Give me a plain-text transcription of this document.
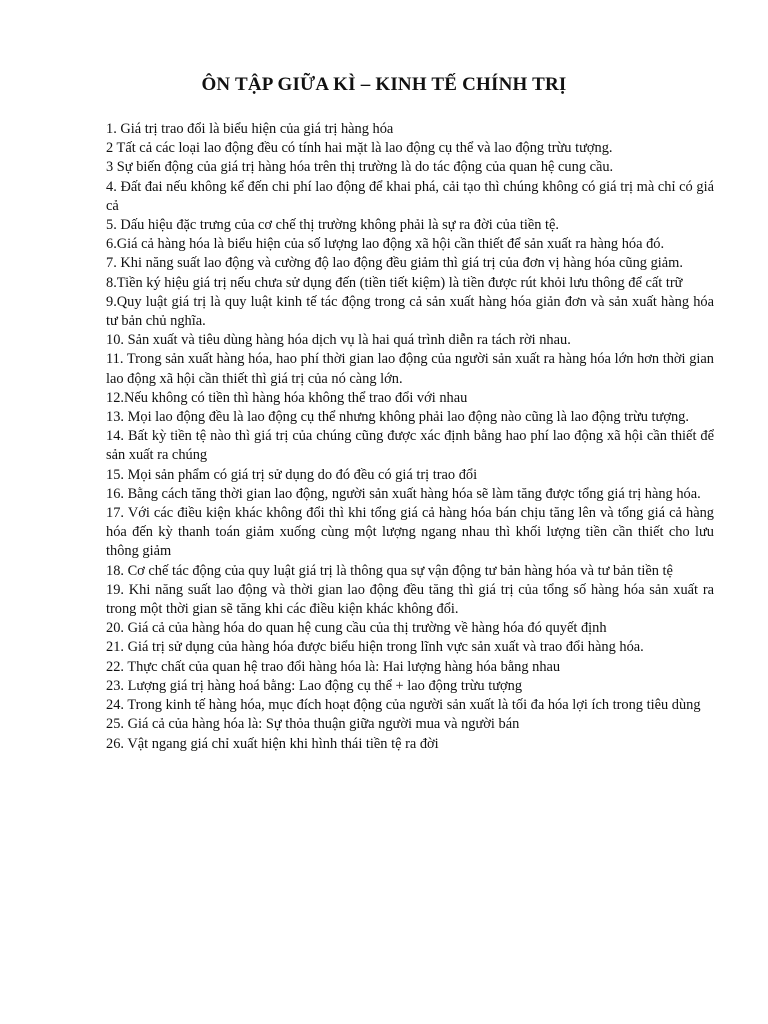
ÔN TẬP GIỮA KÌ – KINH TẾ CHÍNH TRỊ
1. Giá trị trao đổi là biểu hiện của giá trị hàng hóa
2 Tất cả các loại lao động đều có tính hai mặt là lao động cụ thể và lao động trừu tượng.
3 Sự biến động của giá trị hàng hóa trên thị trường là do tác động của quan hệ cung cầu.
4. Đất đai nếu không kể đến chi phí lao động để khai phá, cải tạo thì chúng không có giá trị mà chỉ có giá cả
5. Dấu hiệu đặc trưng của cơ chế thị trường không phải là sự ra đời của tiền tệ.
6.Giá cả hàng hóa là biểu hiện của số lượng lao động xã hội cần thiết để sản xuất ra hàng hóa đó.
7. Khi năng suất lao động và cường độ lao động đều giảm thì giá trị của đơn vị hàng hóa cũng giảm.
8.Tiền ký hiệu giá trị nếu chưa sử dụng đến (tiền tiết kiệm) là tiền được rút khỏi lưu thông để cất trữ
9.Quy luật giá trị là quy luật kinh tế tác động trong cả sản xuất hàng hóa giản đơn và sản xuất hàng hóa tư bản chủ nghĩa.
10. Sản xuất và tiêu dùng hàng hóa dịch vụ là hai quá trình diễn ra tách rời nhau.
11. Trong sản xuất hàng hóa, hao phí thời gian lao động của người sản xuất ra hàng hóa lớn hơn thời gian lao động xã hội cần thiết thì giá trị của nó càng lớn.
12.Nếu không có tiền thì hàng hóa không thể trao đổi với nhau
13. Mọi lao động đều là lao động cụ thể nhưng không phải lao động nào cũng là lao động trừu tượng.
14. Bất kỳ tiền tệ nào thì giá trị của chúng cũng được xác định bằng hao phí lao động xã hội cần thiết để sản xuất ra chúng
15. Mọi sản phẩm có giá trị sử dụng do đó đều có giá trị trao đổi
16. Bằng cách tăng thời gian lao động, người sản xuất hàng hóa sẽ làm tăng được tổng giá trị hàng hóa.
17. Với các điều kiện khác không đổi thì khi tổng giá cả hàng hóa bán chịu tăng lên và tổng giá cả hàng hóa đến kỳ thanh toán giảm xuống cùng một lượng ngang nhau thì khối lượng tiền cần thiết cho lưu thông giảm
18. Cơ chế tác động của quy luật giá trị là thông qua sự vận động tư bản hàng hóa và tư bản tiền tệ
19. Khi năng suất lao động và thời gian lao động đều tăng thì giá trị của tổng số hàng hóa sản xuất ra trong một thời gian sẽ tăng khi các điều kiện khác không đổi.
20. Giá cả của hàng hóa do quan hệ cung cầu của thị trường về hàng hóa đó quyết định
21. Giá trị sử dụng của hàng hóa được biểu hiện trong lĩnh vực sản xuất và trao đổi hàng hóa.
22. Thực chất của quan hệ trao đổi hàng hóa là: Hai lượng hàng hóa bằng nhau
23. Lượng giá trị hàng hoá bằng: Lao động cụ thể + lao động trừu tượng
24. Trong kinh tế hàng hóa, mục đích hoạt động của người sản xuất là tối đa hóa lợi ích trong tiêu dùng
25. Giá cả của hàng hóa là: Sự thỏa thuận giữa người mua và người bán
26. Vật ngang giá chỉ xuất hiện khi hình thái tiền tệ ra đời
